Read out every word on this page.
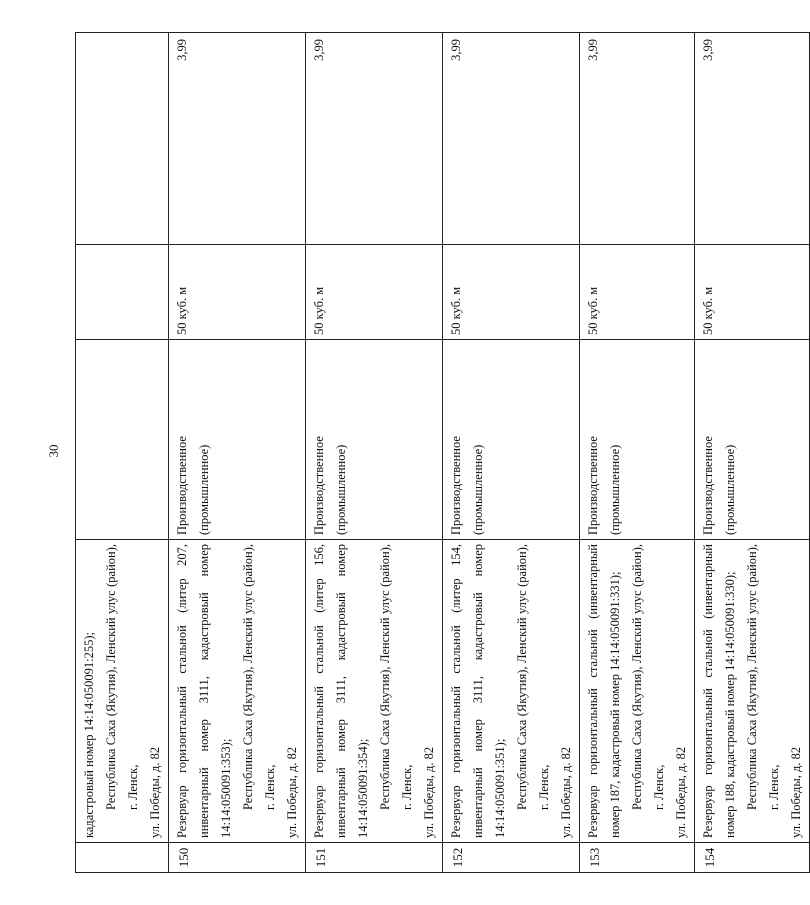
30

	кадастровый номер 14:14:050091:255); Республика Саха (Якутия), Ленский улус (район), г. Ленск, ул. Победы, д. 82			

150	Резервуар горизонтальный стальной (литер 207, инвентарный номер 3111, кадастровый номер 14:14:050091:353); Республика Саха (Якутия), Ленский улус (район), г. Ленск, ул. Победы, д. 82	Производственное (промышленное)	50 куб. м	3,99
151	Резервуар горизонтальный стальной (литер 156, инвентарный номер 3111, кадастровый номер 14:14:050091:354); Республика Саха (Якутия), Ленский улус (район), г. Ленск, ул. Победы, д. 82	Производственное (промышленное)	50 куб. м	3,99
152	Резервуар горизонтальный стальной (литер 154, инвентарный номер 3111, кадастровый номер 14:14:050091:351); Республика Саха (Якутия), Ленский улус (район), г. Ленск, ул. Победы, д. 82	Производственное (промышленное)	50 куб. м	3,99
153	Резервуар горизонтальный стальной (инвентарный номер 187, кадастровый номер 14:14:050091:331); Республика Саха (Якутия), Ленский улус (район), г. Ленск, ул. Победы, д. 82	Производственное (промышленное)	50 куб. м	3,99
154	Резервуар горизонтальный стальной (инвентарный номер 188, кадастровый номер 14:14:050091:330); Республика Саха (Якутия), Ленский улус (район), г. Ленск, ул. Победы, д. 82	Производственное (промышленное)	50 куб. м	3,99
